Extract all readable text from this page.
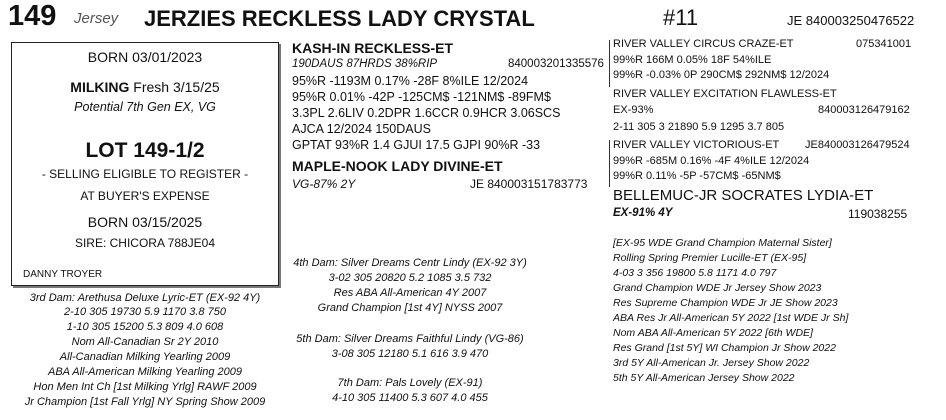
149 Jersey JERZIES RECKLESS LADY CRYSTAL	#11	JE 840003250476522
BORN 03/01/2023
MILKING Fresh 3/15/25
Potential 7th Gen EX, VG
LOT 149-1/2
- SELLING ELIGIBLE TO REGISTER -
AT BUYER'S EXPENSE
BORN 03/15/2025
SIRE: CHICORA 788JE04
DANNY TROYER
3rd Dam: Arethusa Deluxe Lyric-ET (EX-92 4Y)
2-10 305 19730 5.9 1170 3.8 750
1-10 305 15200 5.3 809 4.0 608
Nom All-Canadian Sr 2Y 2010
All-Canadian Milking Yearling 2009
ABA All-American Milking Yearling 2009
Hon Men Int Ch [1st Milking Yrlg] RAWF 2009
Jr Champion [1st Fall Yrlg] NY Spring Show 2009
4th Dam: Silver Dreams Centr Lindy (EX-92 3Y)
3-02 305 20820 5.2 1085 3.5 732
Res ABA All-American 4Y 2007
Grand Champion [1st 4Y] NYSS 2007
5th Dam: Silver Dreams Faithful Lindy (VG-86)
3-08 305 12180 5.1 616 3.9 470
7th Dam: Pals Lovely (EX-91)
4-10 305 11400 5.3 607 4.0 455
KASH-IN RECKLESS-ET
190DAUS 87HRDS 38%RIP	840003201335576
95%R -1193M 0.17% -28F 8%ILE 12/2024
95%R 0.01% -42P -125CM$ -121NM$ -89FM$
3.3PL 2.6LIV 0.2DPR 1.6CCR 0.9HCR 3.06SCS
AJCA 12/2024 150DAUS
GPTAT 93%R 1.4 GJUI 17.5 GJPI 90%R -33
MAPLE-NOOK LADY DIVINE-ET
VG-87% 2Y	JE 840003151783773
RIVER VALLEY CIRCUS CRAZE-ET	075341001
99%R 166M 0.05% 18F 54%ILE
99%R -0.03% 0P 290CM$ 292NM$ 12/2024
RIVER VALLEY EXCITATION FLAWLESS-ET
EX-93%	840003126479162
2-11 305 3 21890 5.9 1295 3.7 805
RIVER VALLEY VICTORIOUS-ET JE840003126479524
99%R -685M 0.16% -4F 4%ILE 12/2024
99%R 0.11% -5P -57CM$ -65NM$
BELLEMUC-JR SOCRATES LYDIA-ET
EX-91% 4Y	119038255
[EX-95 WDE Grand Champion Maternal Sister]
Rolling Spring Premier Lucille-ET (EX-95]
4-03 3 356 19800 5.8 1171 4.0 797
Grand Champion WDE Jr Jersey Show 2023
Res Supreme Champion WDE Jr JE Show 2023
ABA Res Jr All-American 5Y 2022 [1st WDE Jr Sh]
Nom ABA All-American 5Y 2022 [6th WDE]
Res Grand [1st 5Y] WI Champion Jr Show 2022
3rd 5Y All-American Jr. Jersey Show 2022
5th 5Y All-American Jersey Show 2022
